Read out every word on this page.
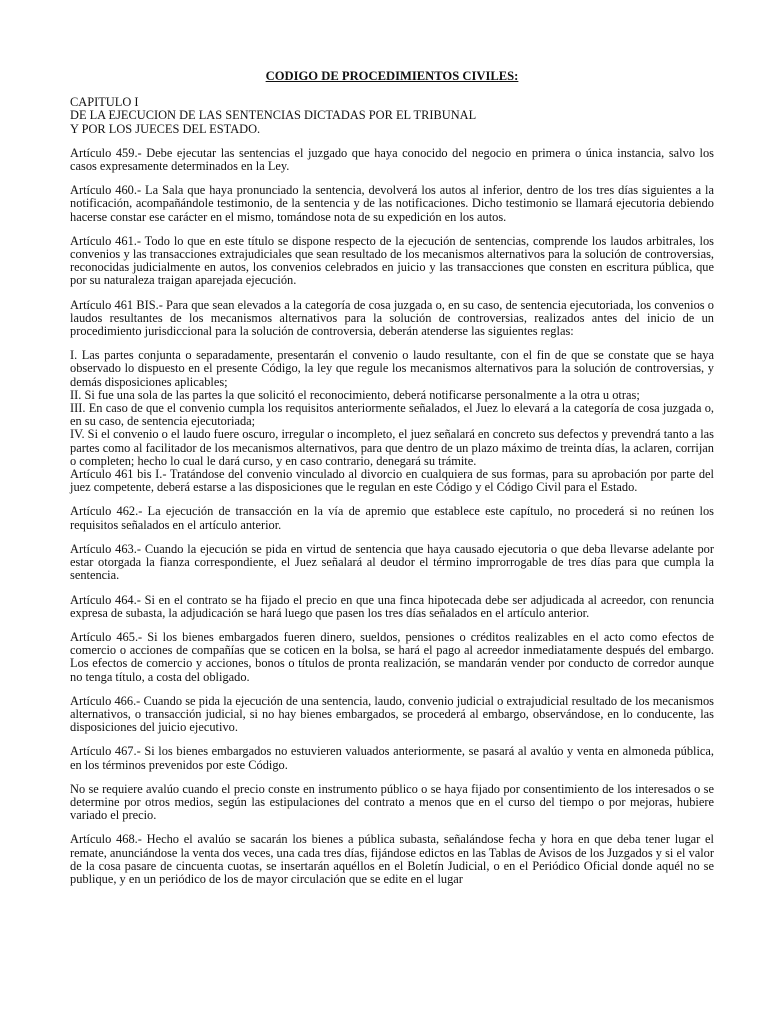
CODIGO DE PROCEDIMIENTOS CIVILES:
CAPITULO I
DE LA EJECUCION DE LAS SENTENCIAS DICTADAS POR EL TRIBUNAL
Y POR LOS JUECES DEL ESTADO.

Artículo 459.- Debe ejecutar las sentencias el juzgado que haya conocido del negocio en primera o única instancia, salvo los casos expresamente determinados en la Ley.

Artículo 460.- La Sala que haya pronunciado la sentencia, devolverá los autos al inferior, dentro de los tres días siguientes a la notificación, acompañándole testimonio, de la sentencia y de las notificaciones. Dicho testimonio se llamará ejecutoria debiendo hacerse constar ese carácter en el mismo, tomándose nota de su expedición en los autos.

Artículo 461.- Todo lo que en este título se dispone respecto de la ejecución de sentencias, comprende los laudos arbitrales, los convenios y las transacciones extrajudiciales que sean resultado de los mecanismos alternativos para la solución de controversias, reconocidas judicialmente en autos, los convenios celebrados en juicio y las transacciones que consten en escritura pública, que por su naturaleza traigan aparejada ejecución.

Artículo 461 BIS.- Para que sean elevados a la categoría de cosa juzgada o, en su caso, de sentencia ejecutoriada, los convenios o laudos resultantes de los mecanismos alternativos para la solución de controversias, realizados antes del inicio de un procedimiento jurisdiccional para la solución de controversia, deberán atenderse las siguientes reglas:

I. Las partes conjunta o separadamente, presentarán el convenio o laudo resultante, con el fin de que se constate que se haya observado lo dispuesto en el presente Código, la ley que regule los mecanismos alternativos para la solución de controversias, y demás disposiciones aplicables;

II. Si fue una sola de las partes la que solicitó el reconocimiento, deberá notificarse personalmente a la otra u otras;

III. En caso de que el convenio cumpla los requisitos anteriormente señalados, el Juez lo elevará a la categoría de cosa juzgada o, en su caso, de sentencia ejecutoriada;

IV. Si el convenio o el laudo fuere oscuro, irregular o incompleto, el juez señalará en concreto sus defectos y prevendrá tanto a las partes como al facilitador de los mecanismos alternativos, para que dentro de un plazo máximo de treinta días, la aclaren, corrijan o completen; hecho lo cual le dará curso, y en caso contrario, denegará su trámite.

Artículo 461 bis I.- Tratándose del convenio vinculado al divorcio en cualquiera de sus formas, para su aprobación por parte del juez competente, deberá estarse a las disposiciones que le regulan en este Código y el Código Civil para el Estado.

Artículo 462.- La ejecución de transacción en la vía de apremio que establece este capítulo, no procederá si no reúnen los requisitos señalados en el artículo anterior.

Artículo 463.- Cuando la ejecución se pida en virtud de sentencia que haya causado ejecutoria o que deba llevarse adelante por estar otorgada la fianza correspondiente, el Juez señalará al deudor el término improrrogable de tres días para que cumpla la sentencia.

Artículo 464.- Si en el contrato se ha fijado el precio en que una finca hipotecada debe ser adjudicada al acreedor, con renuncia expresa de subasta, la adjudicación se hará luego que pasen los tres días señalados en el artículo anterior.

Artículo 465.- Si los bienes embargados fueren dinero, sueldos, pensiones o créditos realizables en el acto como efectos de comercio o acciones de compañías que se coticen en la bolsa, se hará el pago al acreedor inmediatamente después del embargo. Los efectos de comercio y acciones, bonos o títulos de pronta realización, se mandarán vender por conducto de corredor aunque no tenga título, a costa del obligado.

Artículo 466.- Cuando se pida la ejecución de una sentencia, laudo, convenio judicial o extrajudicial resultado de los mecanismos alternativos, o transacción judicial, si no hay bienes embargados, se procederá al embargo, observándose, en lo conducente, las disposiciones del juicio ejecutivo.

Artículo 467.- Si los bienes embargados no estuvieren valuados anteriormente, se pasará al avalúo y venta en almoneda pública, en los términos prevenidos por este Código.

No se requiere avalúo cuando el precio conste en instrumento público o se haya fijado por consentimiento de los interesados o se determine por otros medios, según las estipulaciones del contrato a menos que en el curso del tiempo o por mejoras, hubiere variado el precio.

Artículo 468.- Hecho el avalúo se sacarán los bienes a pública subasta, señalándose fecha y hora en que deba tener lugar el remate, anunciándose la venta dos veces, una cada tres días, fijándose edictos en las Tablas de Avisos de los Juzgados y si el valor de la cosa pasare de cincuenta cuotas, se insertarán aquéllos en el Boletín Judicial, o en el Periódico Oficial donde aquél no se publique, y en un periódico de los de mayor circulación que se edite en el lugar
